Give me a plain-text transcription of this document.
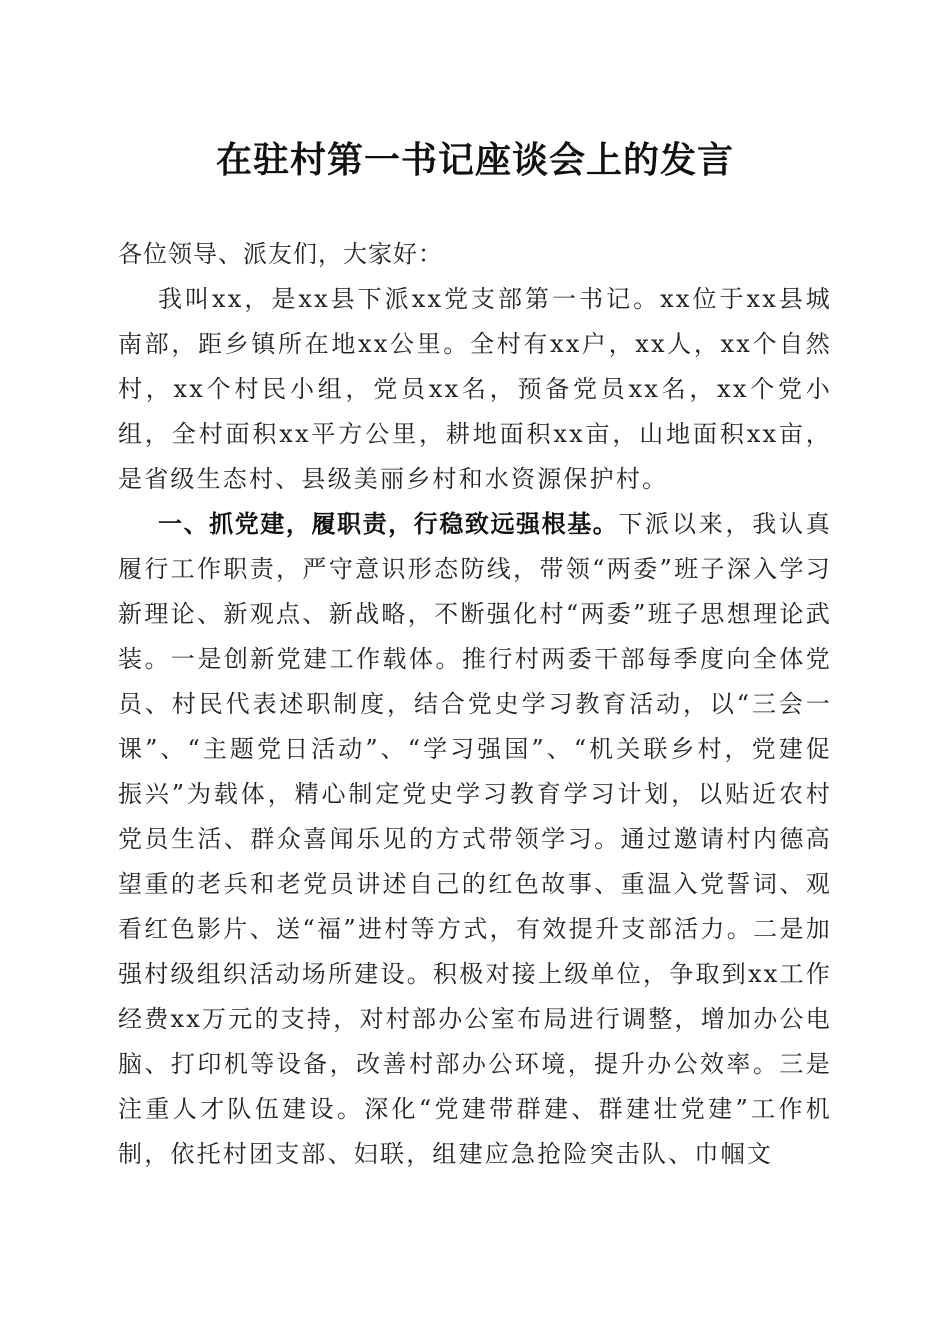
在驻村第一书记座谈会上的发言

各位领导、派友们，大家好：

我叫xx，是xx县下派xx党支部第一书记。xx位于xx县城南部，距乡镇所在地xx公里。全村有xx户，xx人，xx个自然村，xx个村民小组，党员xx名，预备党员xx名，xx个党小组，全村面积xx平方公里，耕地面积xx亩，山地面积xx亩，是省级生态村、县级美丽乡村和水资源保护村。

一、抓党建，履职责，行稳致远强根基。下派以来，我认真履行工作职责，严守意识形态防线，带领“两委”班子深入学习新理论、新观点、新战略，不断强化村“两委”班子思想理论武装。一是创新党建工作载体。推行村两委干部每季度向全体党员、村民代表述职制度，结合党史学习教育活动，以“三会一课”、“主题党日活动”、“学习强国”、“机关联乡村，党建促振兴”为载体，精心制定党史学习教育学习计划，以贴近农村党员生活、群众喜闻乐见的方式带领学习。通过邀请村内德高望重的老兵和老党员讲述自己的红色故事、重温入党誓词、观看红色影片、送“福”进村等方式，有效提升支部活力。二是加强村级组织活动场所建设。积极对接上级单位，争取到xx工作经费xx万元的支持，对村部办公室布局进行调整，增加办公电脑、打印机等设备，改善村部办公环境，提升办公效率。三是注重人才队伍建设。深化“党建带群建、群建壮党建”工作机制，依托村团支部、妇联，组建应急抢险突击队、巾帼文
